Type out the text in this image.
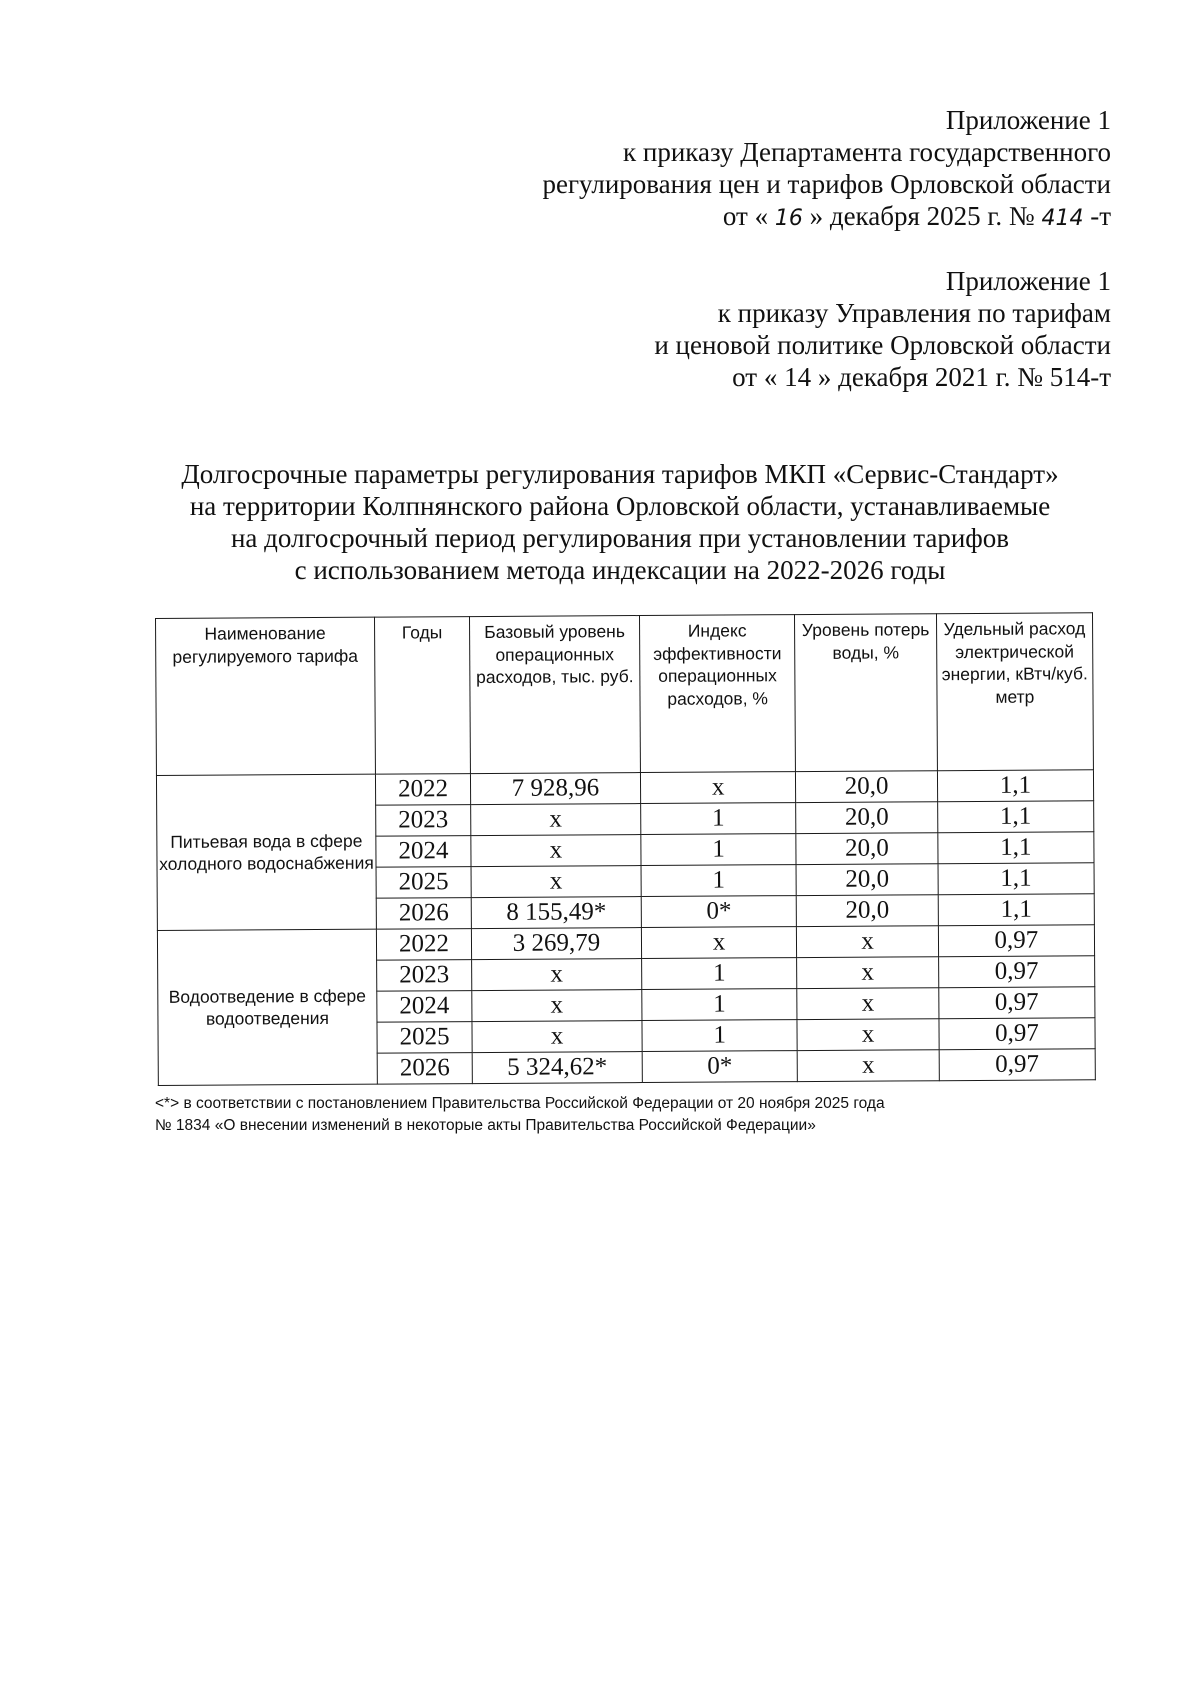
Приложение 1
к приказу Департамента государственного
регулирования цен и тарифов Орловской области
от « 16 » декабря 2025 г. № 414 -т
Приложение 1
к приказу Управления по тарифам
и ценовой политике Орловской области
от « 14 » декабря 2021 г. № 514-т
Долгосрочные параметры регулирования тарифов МКП «Сервис-Стандарт»
на территории Колпнянского района Орловской области, устанавливаемые
на долгосрочный период регулирования при установлении тарифов
с использованием метода индексации на 2022-2026 годы
Наименование регулируемого тарифа	Годы	Базовый уровень операционных расходов, тыс. руб.	Индекс эффективности операционных расходов, %	Уровень потерь воды, %	Удельный расход электрической энергии, кВтч/куб. метр
Питьевая вода в сфере холодного водоснабжения	2022	7 928,96	х	20,0	1,1
	2023	х	1	20,0	1,1
	2024	х	1	20,0	1,1
	2025	х	1	20,0	1,1
	2026	8 155,49*	0*	20,0	1,1
Водоотведение в сфере водоотведения	2022	3 269,79	х	х	0,97
	2023	х	1	х	0,97
	2024	х	1	х	0,97
	2025	х	1	х	0,97
	2026	5 324,62*	0*	х	0,97
<*> в соответствии с постановлением Правительства Российской Федерации от 20 ноября 2025 года
№ 1834 «О внесении изменений в некоторые акты Правительства Российской Федерации»
